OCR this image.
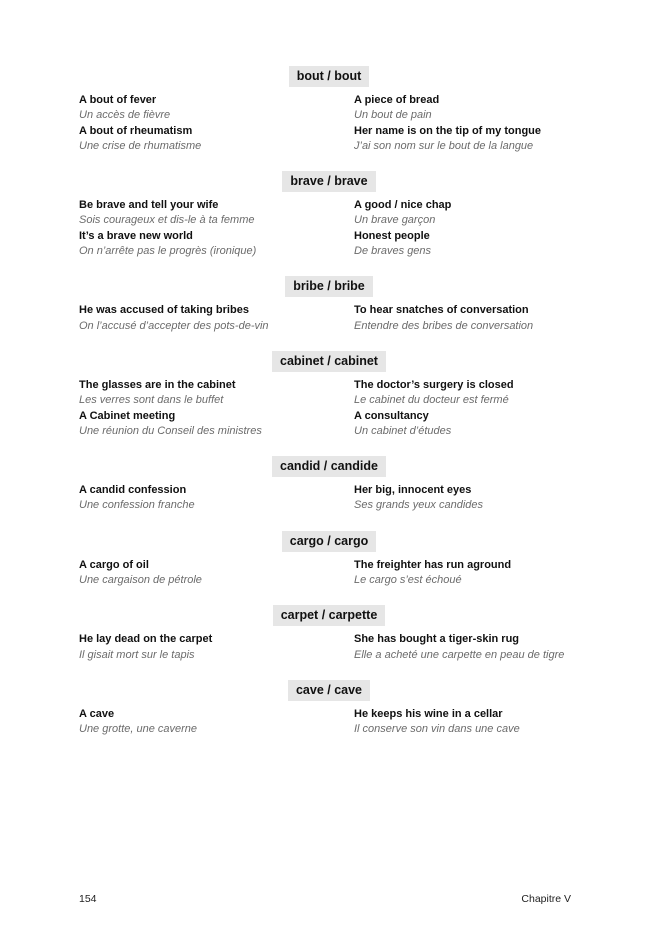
bout / bout
A bout of fever
Un accès de fièvre
A bout of rheumatism
Une crise de rhumatisme
A piece of bread
Un bout de pain
Her name is on the tip of my tongue
J’ai son nom sur le bout de la langue
brave / brave
Be brave and tell your wife
Sois courageux et dis-le à ta femme
It’s a brave new world
On n’arrête pas le progrès (ironique)
A good / nice chap
Un brave garçon
Honest people
De braves gens
bribe / bribe
He was accused of taking bribes
On l’accusé d’accepter des pots-de-vin
To hear snatches of conversation
Entendre des bribes de conversation
cabinet / cabinet
The glasses are in the cabinet
Les verres sont dans le buffet
A Cabinet meeting
Une réunion du Conseil des ministres
The doctor’s surgery is closed
Le cabinet du docteur est fermé
A consultancy
Un cabinet d’études
candid / candide
A candid confession
Une confession franche
Her big, innocent eyes
Ses grands yeux candides
cargo / cargo
A cargo of oil
Une cargaison de pétrole
The freighter has run aground
Le cargo s’est échoué
carpet / carpette
He lay dead on the carpet
Il gisait mort sur le tapis
She has bought a tiger-skin rug
Elle a acheté une carpette en peau de tigre
cave / cave
A cave
Une grotte, une caverne
He keeps his wine in a cellar
Il conserve son vin dans une cave
154	Chapitre V
